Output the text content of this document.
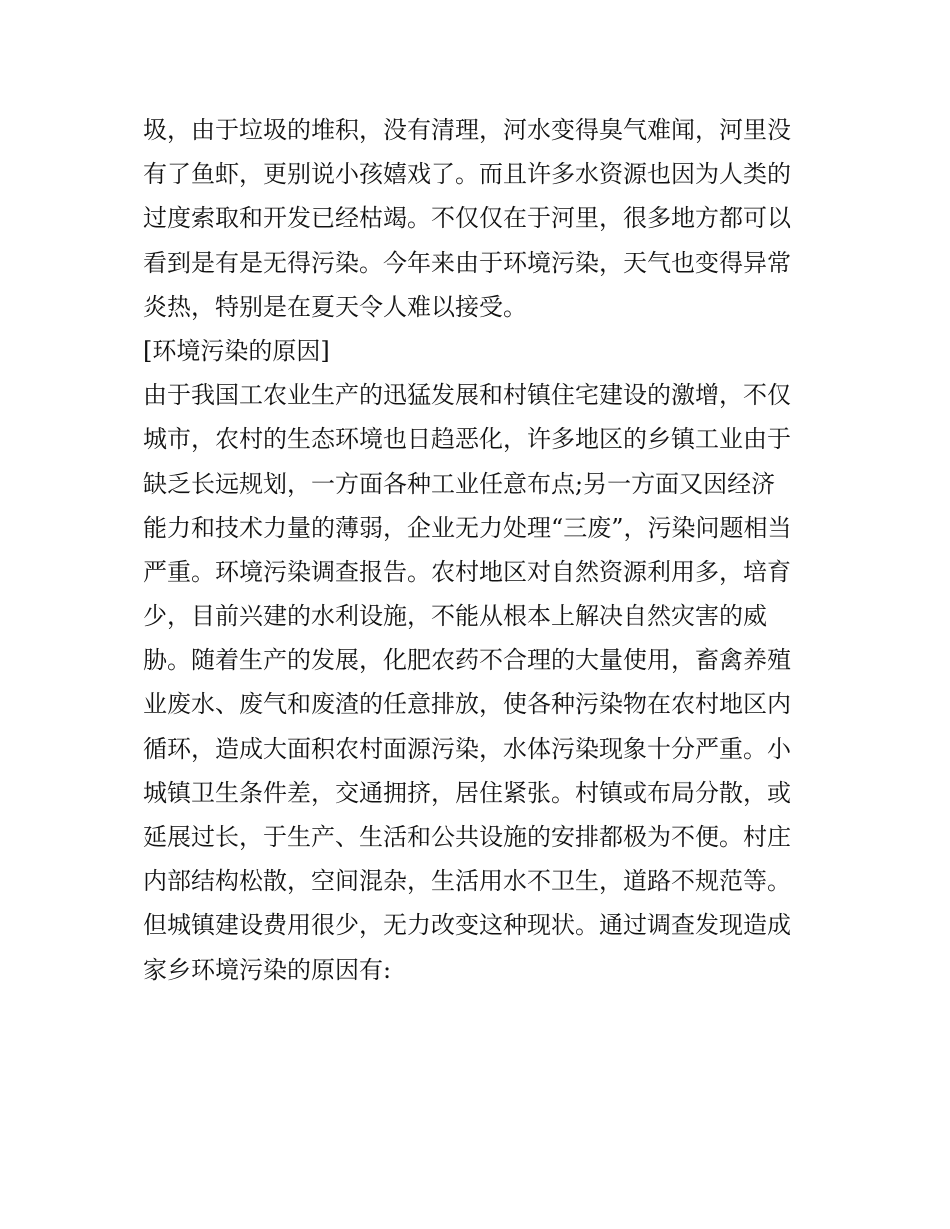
圾，由于垃圾的堆积，没有清理，河水变得臭气难闻，河里没
有了鱼虾，更别说小孩嬉戏了。而且许多水资源也因为人类的
过度索取和开发已经枯竭。不仅仅在于河里，很多地方都可以
看到是有是无得污染。今年来由于环境污染，天气也变得异常
炎热，特别是在夏天令人难以接受。
[环境污染的原因]
由于我国工农业生产的迅猛发展和村镇住宅建设的激增，不仅
城市，农村的生态环境也日趋恶化，许多地区的乡镇工业由于
缺乏长远规划，一方面各种工业任意布点;另一方面又因经济
能力和技术力量的薄弱，企业无力处理“三废”，污染问题相当
严重。环境污染调查报告。农村地区对自然资源利用多，培育
少，目前兴建的水利设施，不能从根本上解决自然灾害的威
胁。随着生产的发展，化肥农药不合理的大量使用，畜禽养殖
业废水、废气和废渣的任意排放，使各种污染物在农村地区内
循环，造成大面积农村面源污染，水体污染现象十分严重。小
城镇卫生条件差，交通拥挤，居住紧张。村镇或布局分散，或
延展过长，于生产、生活和公共设施的安排都极为不便。村庄
内部结构松散，空间混杂，生活用水不卫生，道路不规范等。
但城镇建设费用很少，无力改变这种现状。通过调查发现造成
家乡环境污染的原因有:
